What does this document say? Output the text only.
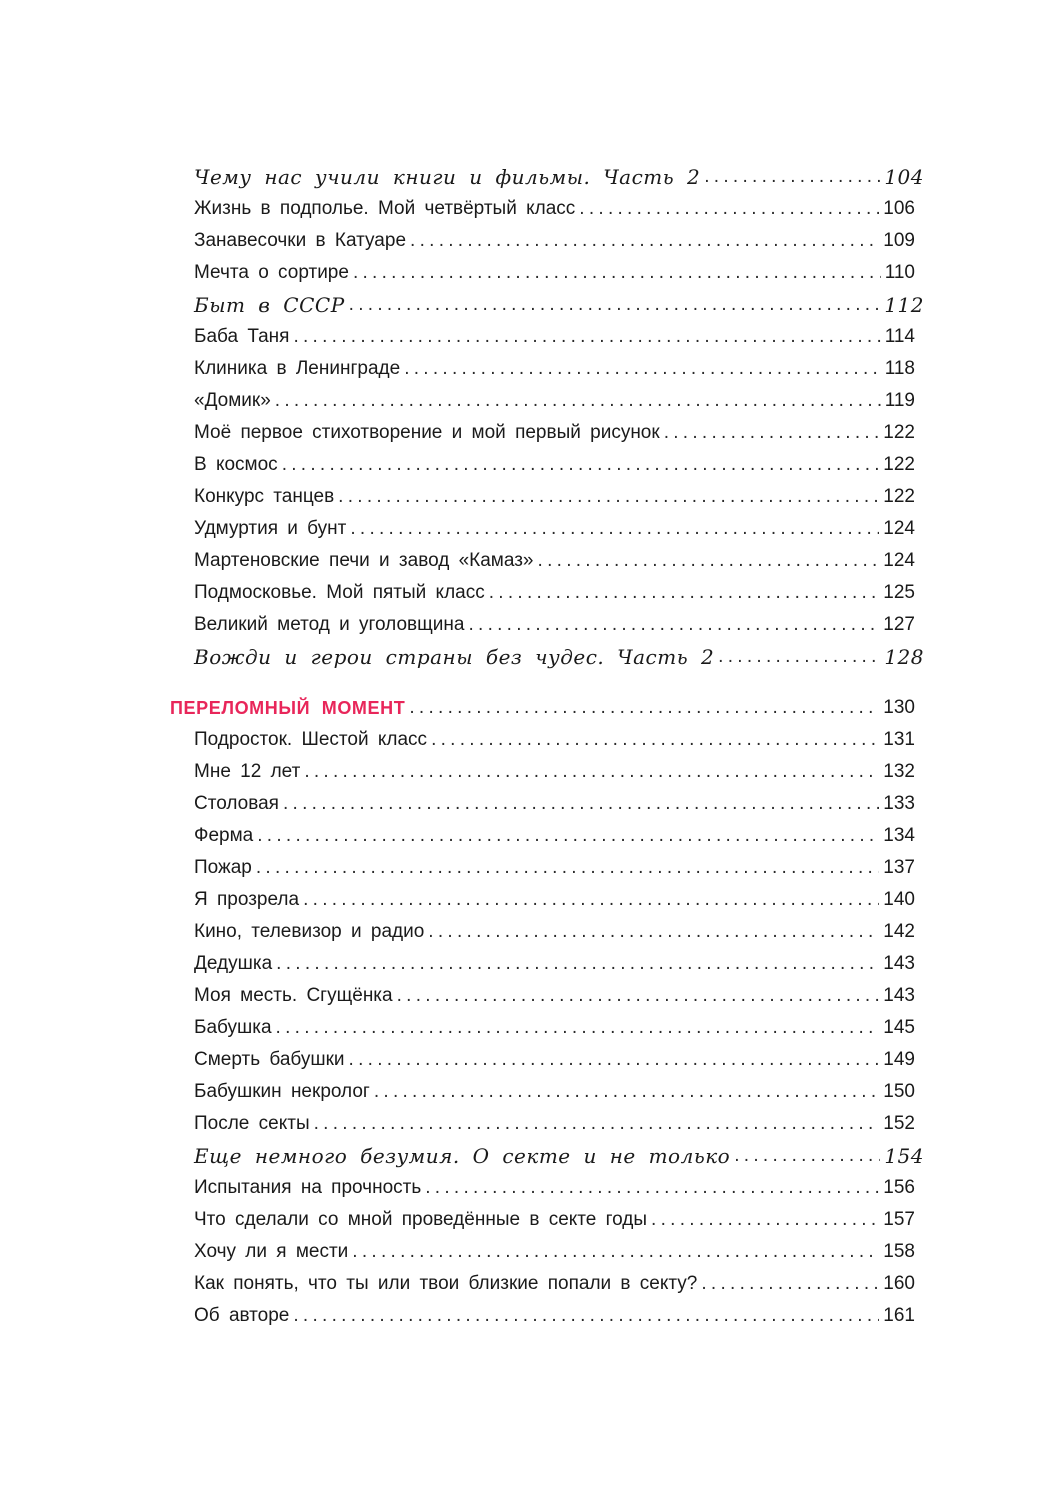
Чему нас учили книги и фильмы. Часть 2 . . .	104
Жизнь в подполье. Мой четвёртый класс . . .	106
Занавесочки в Катуаре . . .	109
Мечта о сортире . . .	110
Быт в СССР . . .	112
Баба Таня . . .	114
Клиника в Ленинграде . . .	118
«Домик» . . .	119
Моё первое стихотворение и мой первый рисунок . . .	122
В космос . . .	122
Конкурс танцев . . .	122
Удмуртия и бунт . . .	124
Мартеновские печи и завод «Камаз» . . .	124
Подмосковье. Мой пятый класс . . .	125
Великий метод и уголовщина . . .	127
Вожди и герои страны без чудес. Часть 2 . . .	128
ПЕРЕЛОМНЫЙ МОМЕНТ . . .	130
Подросток. Шестой класс . . .	131
Мне 12 лет . . .	132
Столовая . . .	133
Ферма . . .	134
Пожар . . .	137
Я прозрела . . .	140
Кино, телевизор и радио . . .	142
Дедушка . . .	143
Моя месть. Сгущёнка . . .	143
Бабушка . . .	145
Смерть бабушки . . .	149
Бабушкин некролог . . .	150
После секты . . .	152
Еще немного безумия. О секте и не только . . .	154
Испытания на прочность . . .	156
Что сделали со мной проведённые в секте годы . . .	157
Хочу ли я мести . . .	158
Как понять, что ты или твои близкие попали в секту? . . .	160
Об авторе . . .	161
